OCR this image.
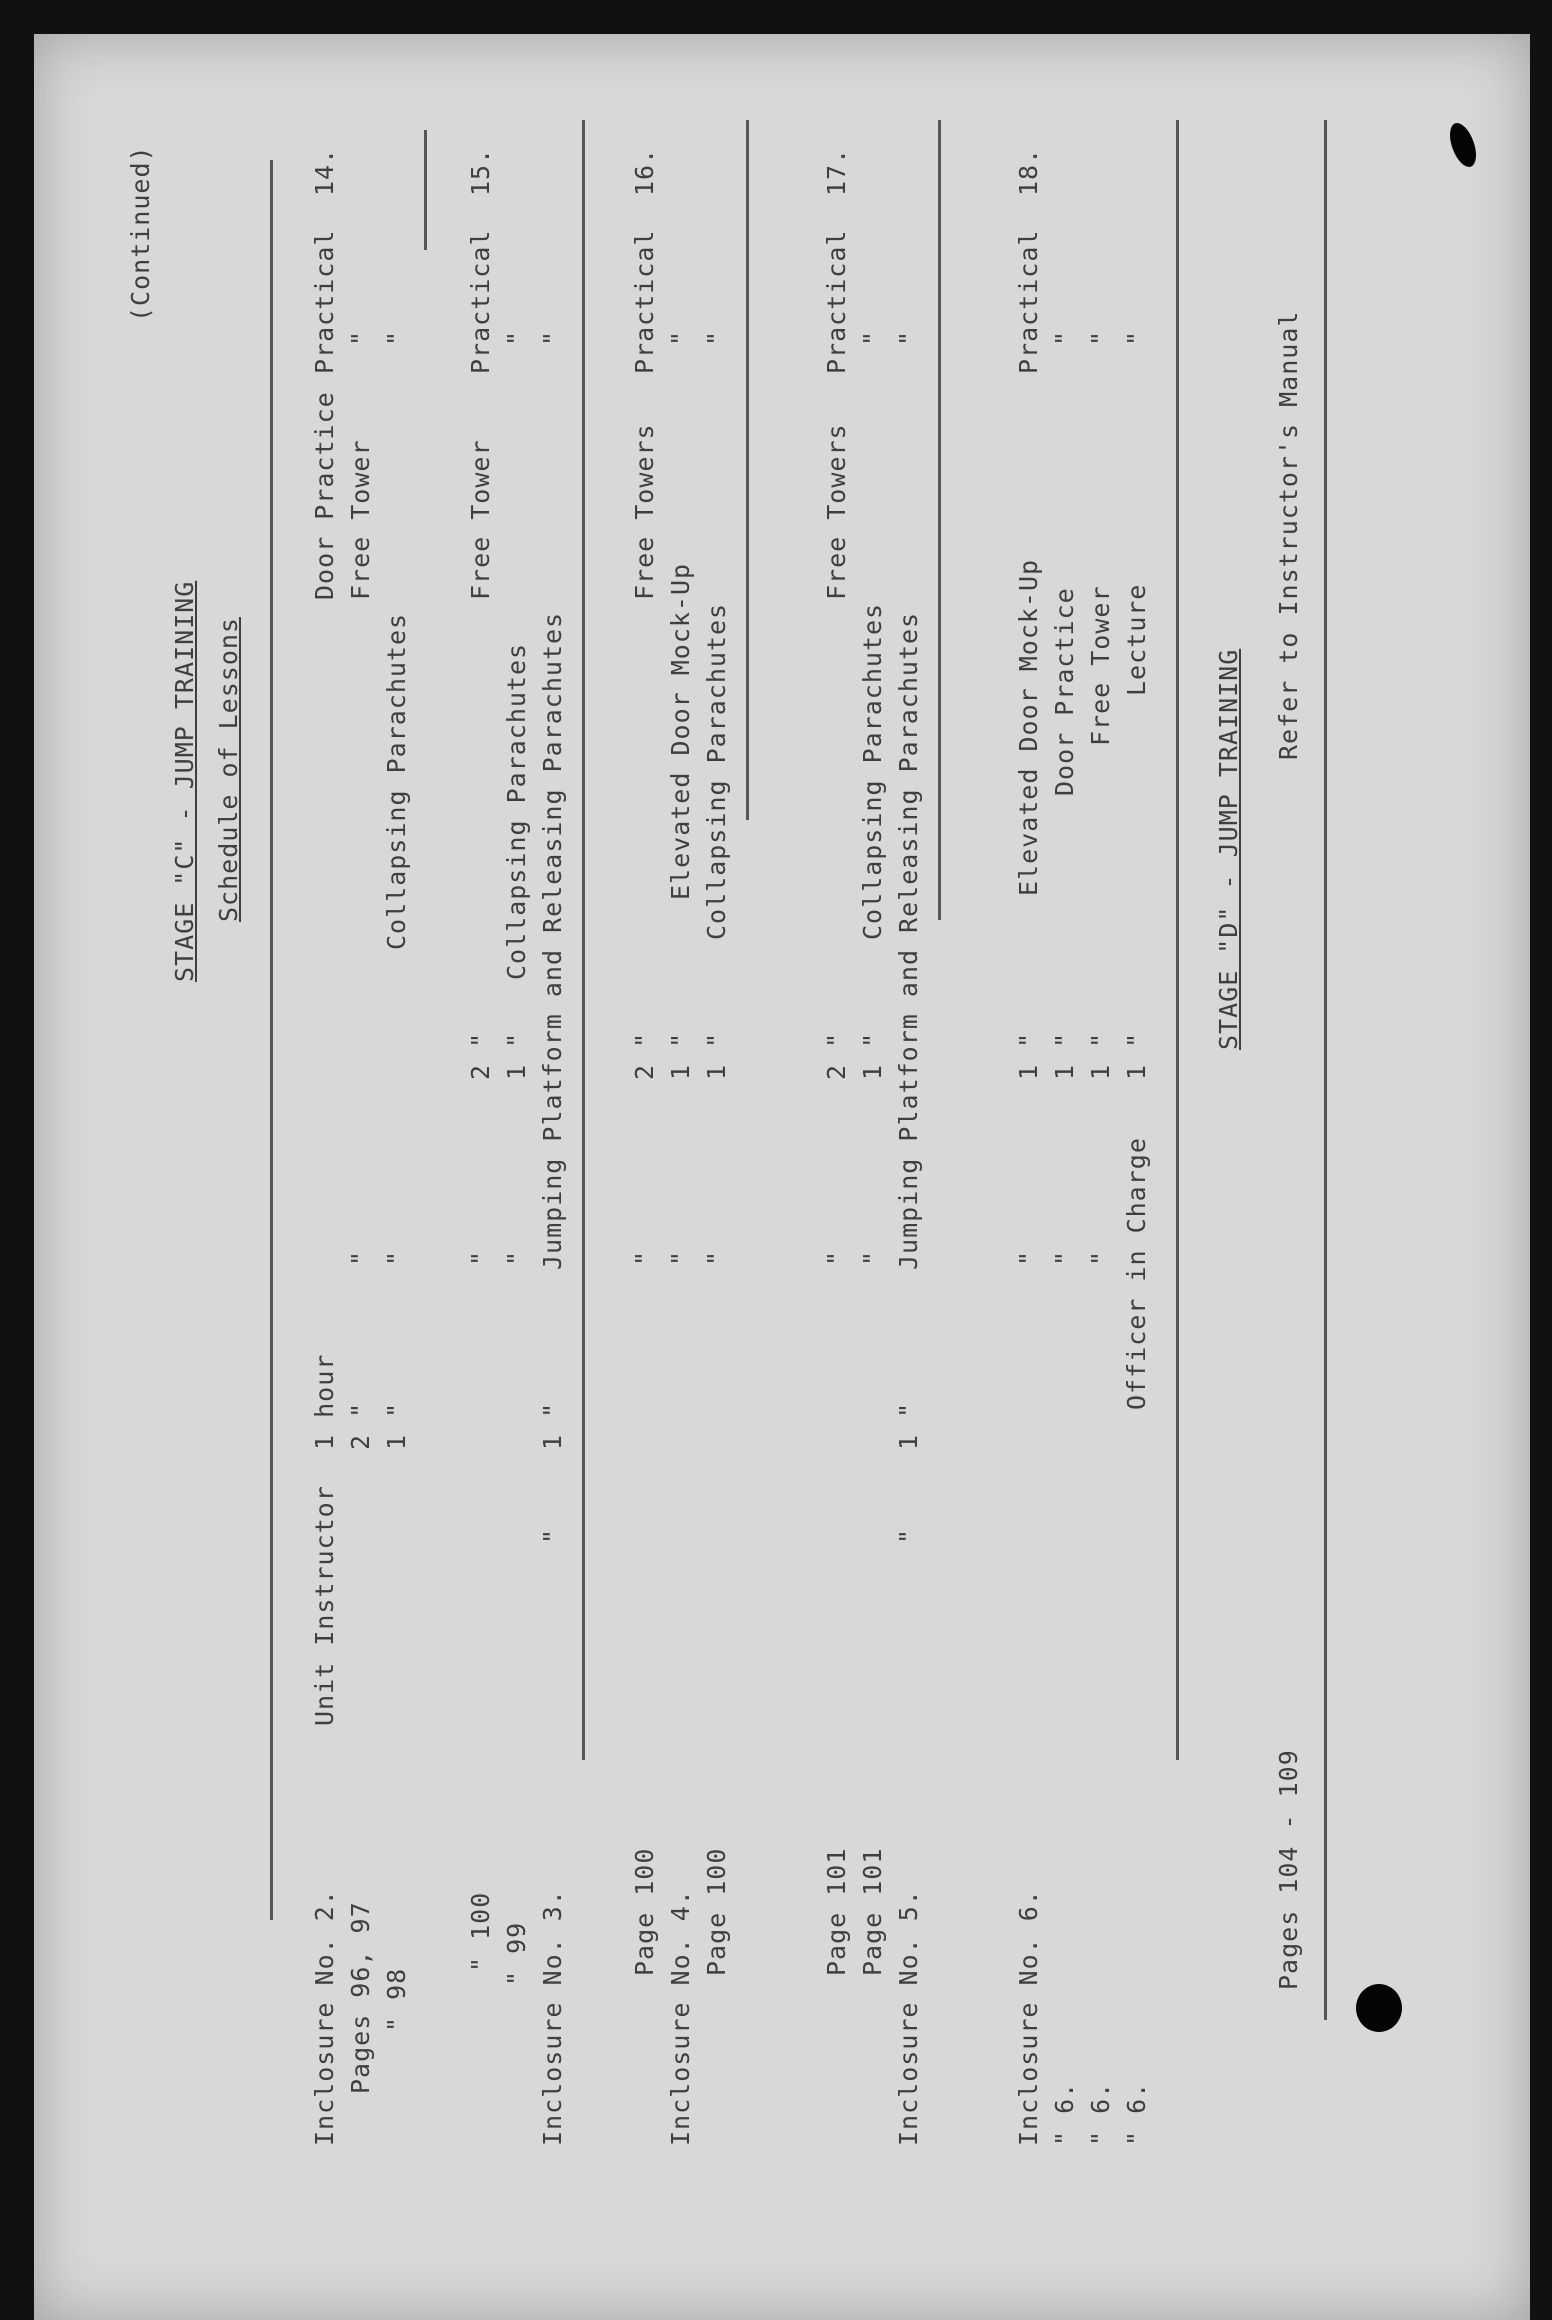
(Continued)
STAGE "C" - JUMP TRAINING Schedule of Lessons
14.
Practical
Door Practice
1 hour
Unit Instructor
Inclosure No. 2.
"
Free Tower
2 "
"
Pages 96, 97
"
Collapsing Parachutes
1 "
"
" 98
15.
Practical
Free Tower
2 "
"
" 100
"
Collapsing Parachutes
1 "
"
" 99
"
Jumping Platform and Releasing Parachutes
1 "
"
Inclosure No. 3.
16.
Practical
Free Towers
2 "
"
Page 100
"
Elevated Door Mock-Up
1 "
"
Inclosure No. 4.
"
Collapsing Parachutes
1 "
"
Page 100
17.
Practical
Free Towers
2 "
"
Page 101
"
Collapsing Parachutes
1 "
"
Page 101
"
Jumping Platform and Releasing Parachutes
1 "
"
Inclosure No. 5.
18.
Practical
Elevated Door Mock-Up
1 "
"
Inclosure No. 6.
"
Door Practice
1 "
"
" 6.
"
Free Tower
1 "
"
" 6.
"
Lecture
1 "
Officer in Charge
" 6.
STAGE "D" - JUMP TRAINING
Refer to Instructor's Manual
Pages 104 - 109
